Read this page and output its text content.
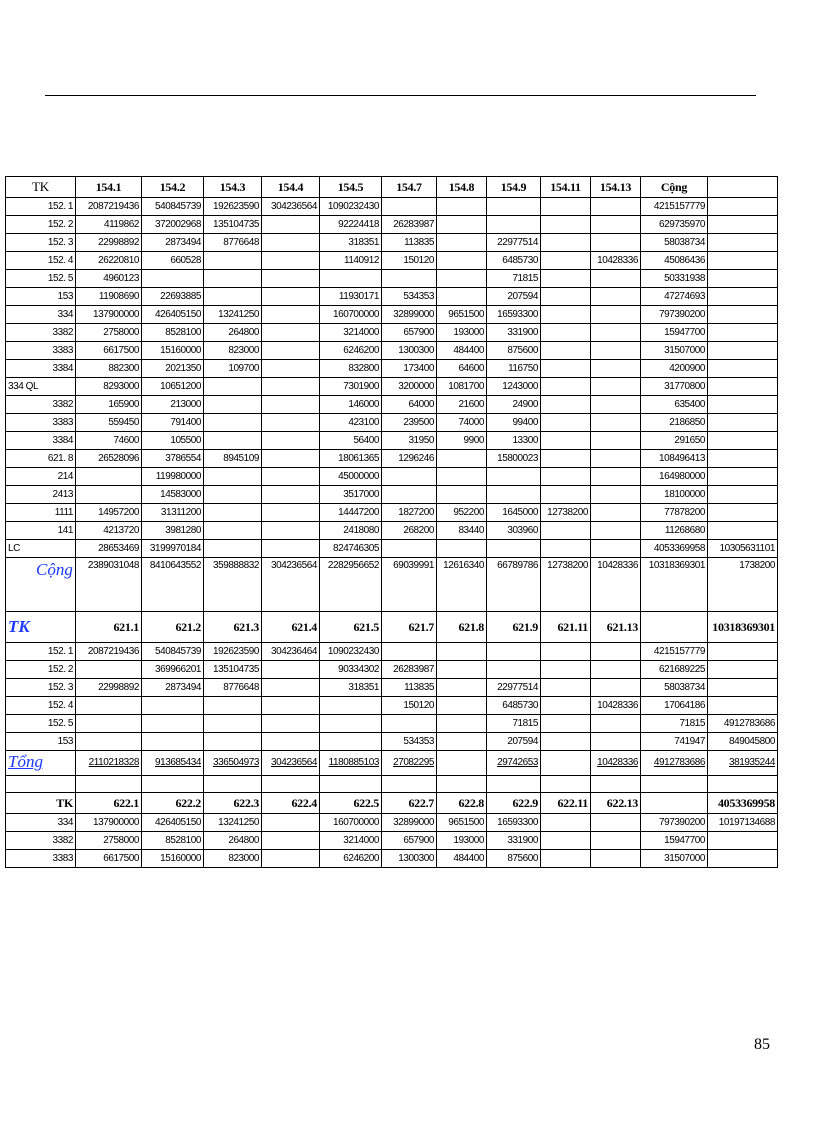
TK	154.1	154.2	154.3	154.4	154.5	154.7	154.8	154.9	154.11	154.13	Cộng	
152. 1	2087219436	540845739	192623590	304236564	1090232430						4215157779	
152. 2	4119862	372002968	135104735		92224418	26283987					629735970	
152. 3	22998892	2873494	8776648		318351	113835		22977514			58038734	
152. 4	26220810	660528			1140912	150120		6485730		10428336	45086436	
152. 5	4960123							71815			50331938	
153	11908690	22693885			11930171	534353		207594			47274693	
334	137900000	426405150	13241250		160700000	32899000	9651500	16593300			797390200	
3382	2758000	8528100	264800		3214000	657900	193000	331900			15947700	
3383	6617500	15160000	823000		6246200	1300300	484400	875600			31507000	
3384	882300	2021350	109700		832800	173400	64600	116750			4200900	
334 QL	8293000	10651200			7301900	3200000	1081700	1243000			31770800	
3382	165900	213000			146000	64000	21600	24900			635400	
3383	559450	791400			423100	239500	74000	99400			2186850	
3384	74600	105500			56400	31950	9900	13300			291650	
621. 8	26528096	3786554	8945109		18061365	1296246		15800023			108496413	
214		119980000			45000000						164980000	
2413		14583000			3517000						18100000	
1111	14957200	31311200			14447200	1827200	952200	1645000	12738200		77878200	
141	4213720	3981280			2418080	268200	83440	303960			11268680	
LC	28653469	3199970184			824746305						4053369958	10305631101
Cộng	2389031048	8410643552	359888832	304236564	2282956652	69039991	12616340	66789786	12738200	10428336	10318369301	1738200
TK	621.1	621.2	621.3	621.4	621.5	621.7	621.8	621.9	621.11	621.13		10318369301
152. 1	2087219436	540845739	192623590	304236464	1090232430						4215157779	
152. 2		369966201	135104735		90334302	26283987					621689225	
152. 3	22998892	2873494	8776648		318351	113835		22977514			58038734	
152. 4						150120		6485730		10428336	17064186	
152. 5								71815			71815	4912783686
153						534353		207594			741947	849045800
Tổng	2110218328	913685434	336504973	304236564	1180885103	27082295		29742653		10428336	4912783686	381935244

TK	622.1	622.2	622.3	622.4	622.5	622.7	622.8	622.9	622.11	622.13		4053369958
334	137900000	426405150	13241250		160700000	32899000	9651500	16593300			797390200	10197134688
3382	2758000	8528100	264800		3214000	657900	193000	331900			15947700	
3383	6617500	15160000	823000		6246200	1300300	484400	875600			31507000	
85
